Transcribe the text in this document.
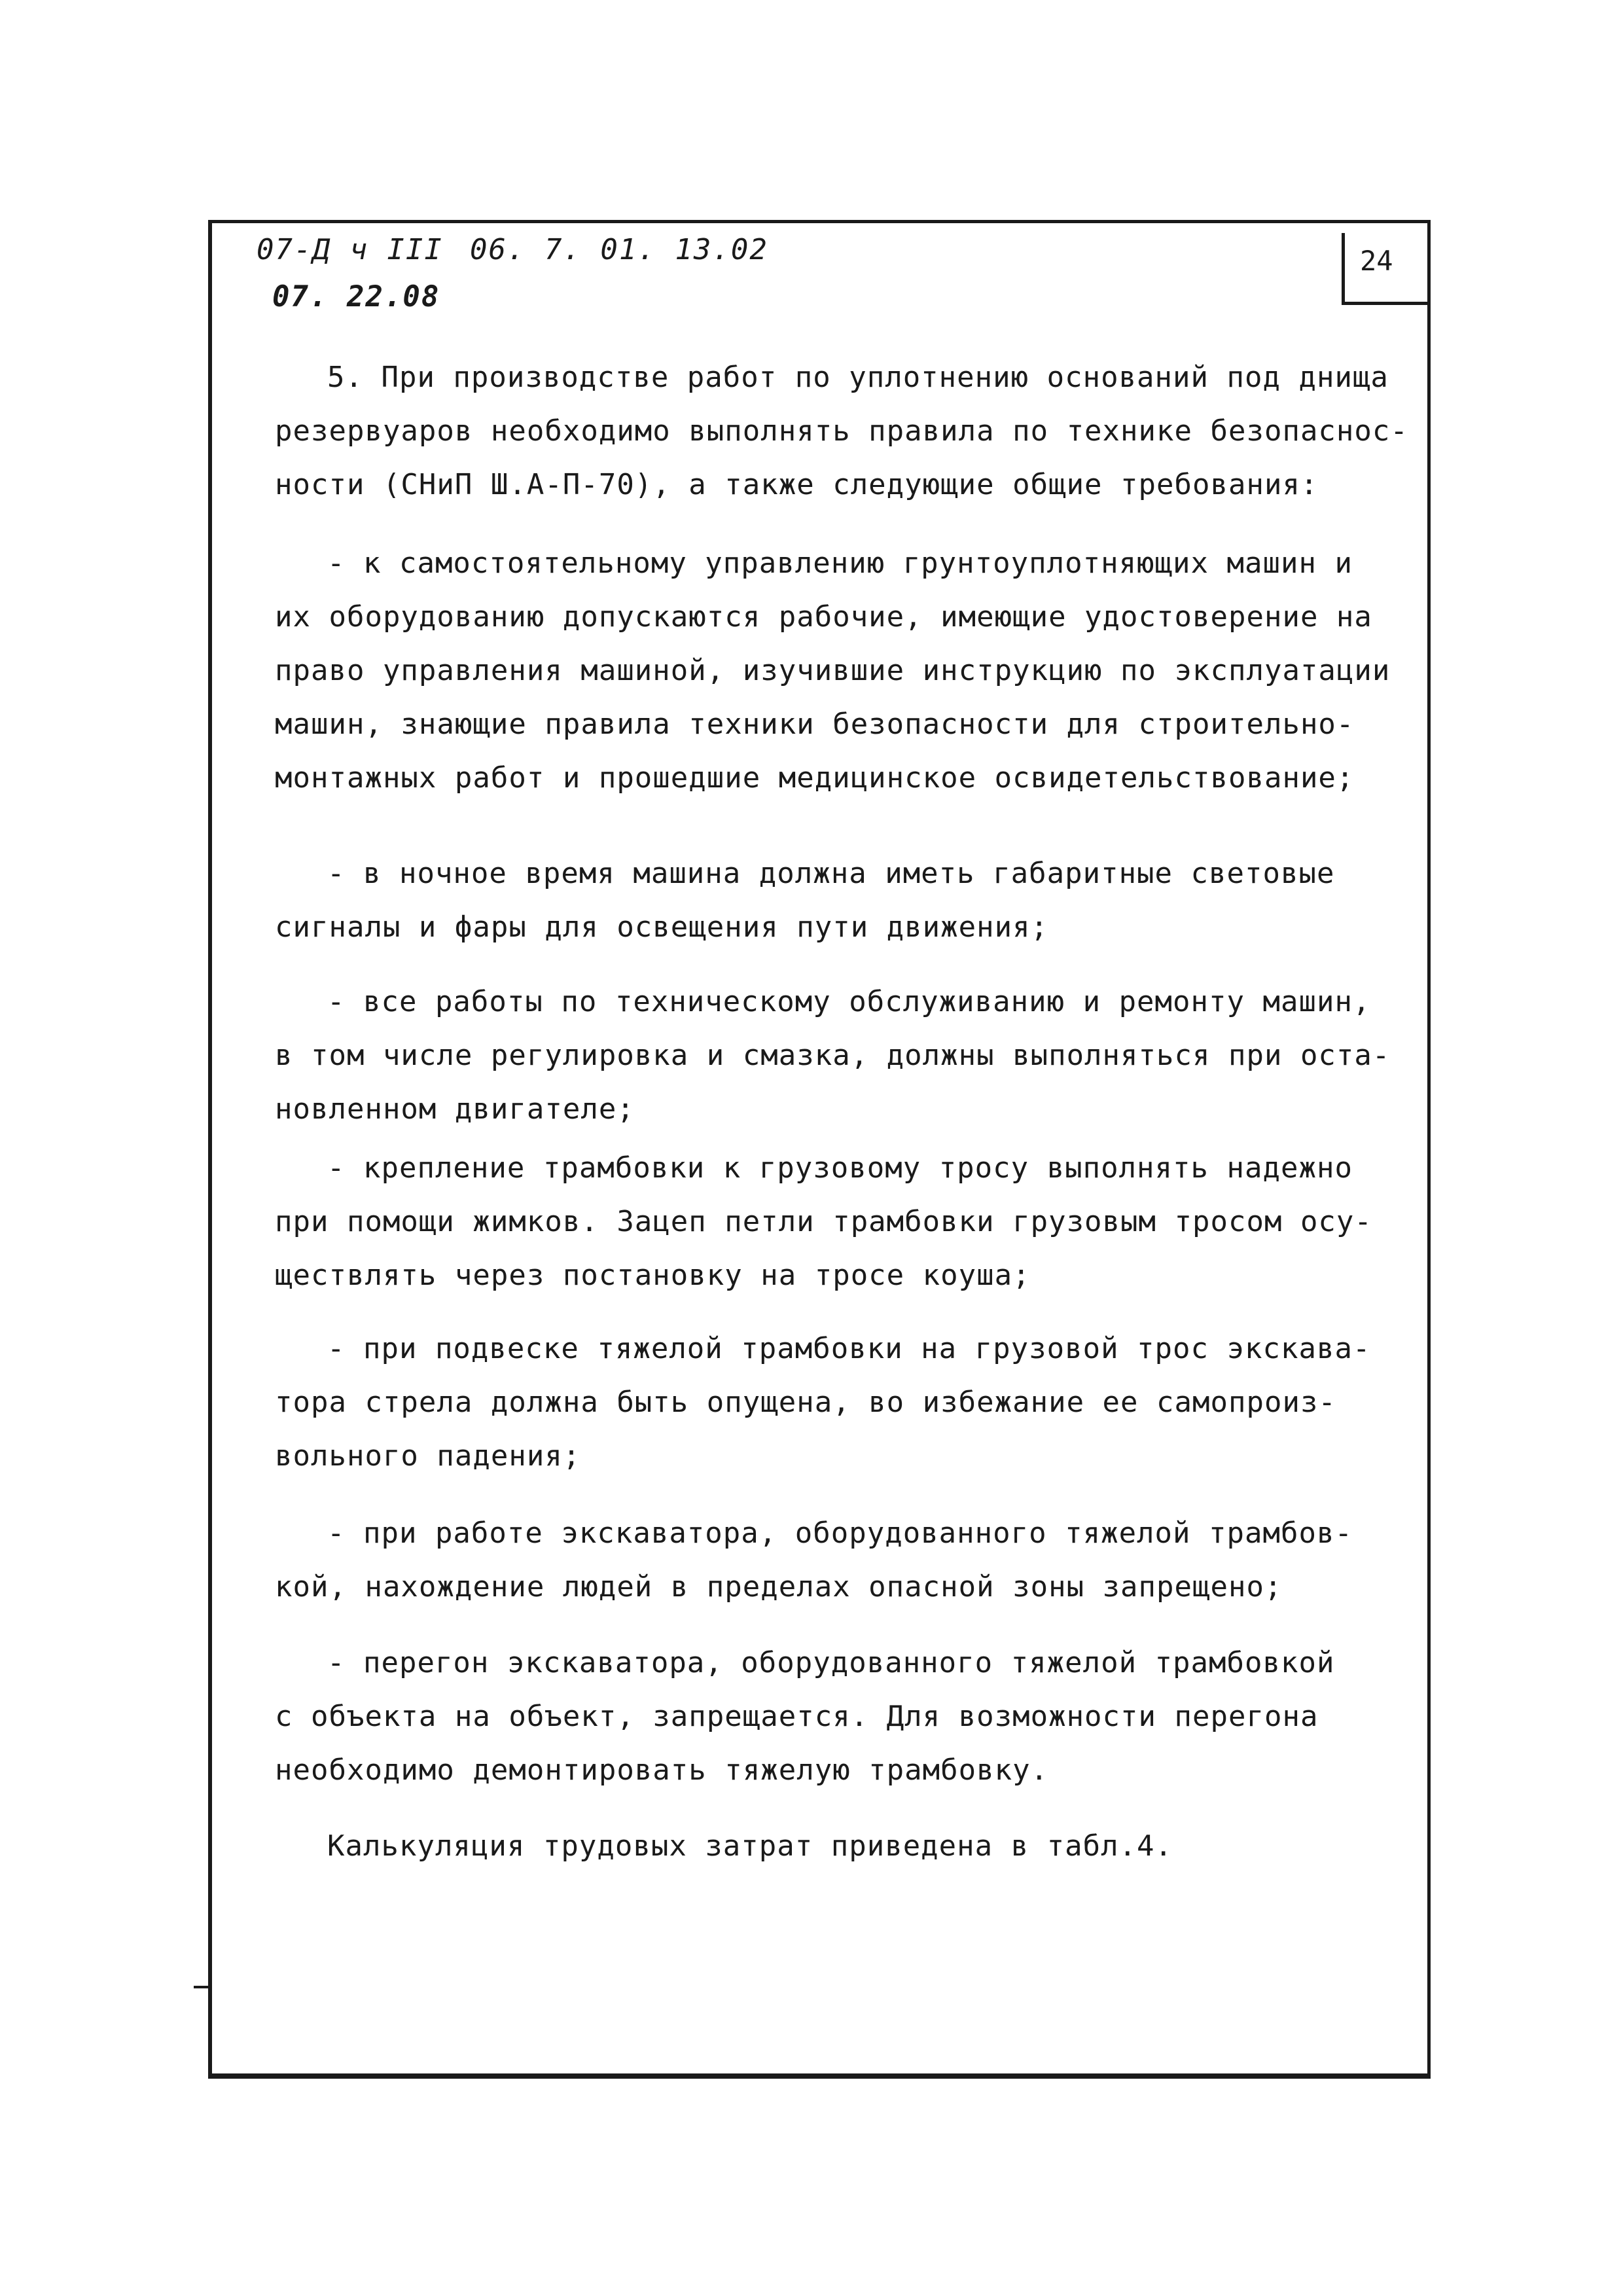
07-Д ч ІІІ 06. 7. 01. 13.02
07. 22.08
24
5. При производстве работ по уплотнению оснований под днища
резервуаров необходимо выполнять правила по технике безопаснос-
ности (СНиП Ш.А-П-70), а также следующие общие требования:
- к самостоятельному управлению грунтоуплотняющих машин и
их оборудованию допускаются рабочие, имеющие удостоверение на
право управления машиной, изучившие инструкцию по эксплуатации
машин, знающие правила техники безопасности для строительно-
монтажных работ и прошедшие медицинское освидетельствование;
- в ночное время машина должна иметь габаритные световые
сигналы и фары для освещения пути движения;
- все работы по техническому обслуживанию и ремонту машин,
в том числе регулировка и смазка, должны выполняться при оста-
новленном двигателе;
- крепление трамбовки к грузовому тросу выполнять надежно
при помощи жимков. Зацеп петли трамбовки грузовым тросом осу-
ществлять через постановку на тросе коуша;
- при подвеске тяжелой трамбовки на грузовой трос экскава-
тора стрела должна быть опущена, во избежание ее самопроиз-
вольного падения;
- при работе экскаватора, оборудованного тяжелой трамбов-
кой, нахождение людей в пределах опасной зоны запрещено;
- перегон экскаватора, оборудованного тяжелой трамбовкой
с объекта на объект, запрещается. Для возможности перегона
необходимо демонтировать тяжелую трамбовку.
Калькуляция трудовых затрат приведена в табл.4.
